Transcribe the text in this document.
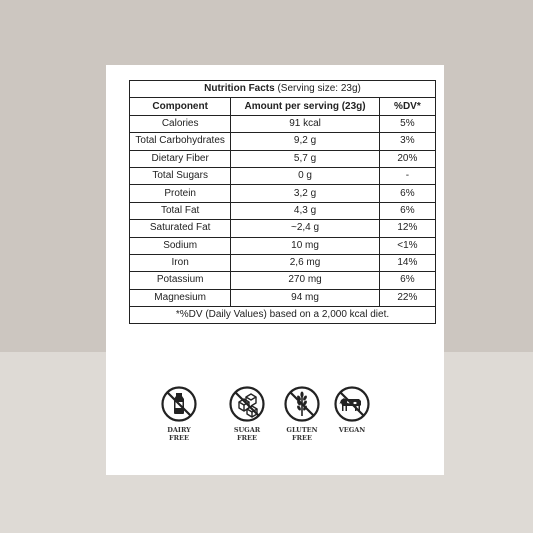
Nutrition Facts (Serving size: 23g)		
Component	Amount per serving (23g)	%DV*
Calories	91 kcal	5%
Total Carbohydrates	9,2 g	3%
Dietary Fiber	5,7 g	20%
Total Sugars	0 g	-
Protein	3,2 g	6%
Total Fat	4,3 g	6%
Saturated Fat	~2,4 g	12%
Sodium	10 mg	<1%
Iron	2,6 mg	14%
Potassium	270 mg	6%
Magnesium	94 mg	22%
*%DV (Daily Values) based on a 2,000 kcal diet.		
DAIRY
FREE
SUGAR
FREE
GLUTEN
FREE
VEGAN
